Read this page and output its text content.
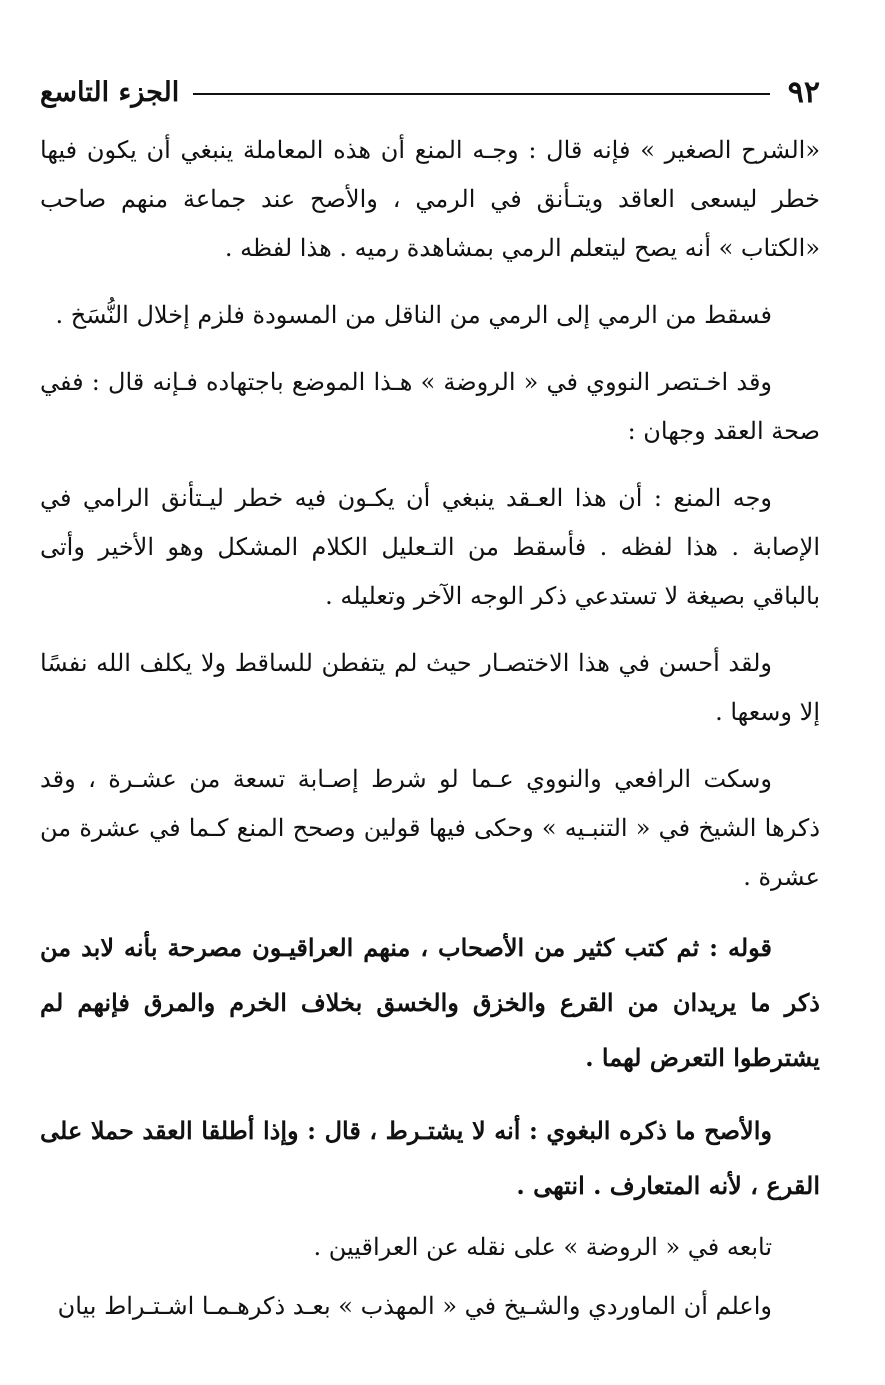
٩٢
الجزء التاسع

«الشرح الصغير » فإنه قال : وجـه المنع أن هذه المعاملة ينبغي أن يكون فيها خطر ليسعى العاقد ويتـأنق في الرمي ، والأصح عند جماعة منهم صاحب «الكتاب » أنه يصح ليتعلم الرمي بمشاهدة رميه . هذا لفظه .

فسقط من الرمي إلى الرمي من الناقل من المسودة فلزم إخلال النُّسَخ .

وقد اخـتصر النووي في « الروضة » هـذا الموضع باجتهاده فـإنه قال : ففي صحة العقد وجهان :

وجه المنع : أن هذا العـقد ينبغي أن يكـون فيه خطر ليـتأنق الرامي في الإصابة . هذا لفظه . فأسقط من التـعليل الكلام المشكل وهو الأخير وأتى بالباقي بصيغة لا تستدعي ذكر الوجه الآخر وتعليله .

ولقد أحسن في هذا الاختصـار حيث لم يتفطن للساقط ولا يكلف الله نفسًا إلا وسعها .

وسكت الرافعي والنووي عـما لو شرط إصـابة تسعة من عشـرة ، وقد ذكرها الشيخ في « التنبـيه » وحكى فيها قولين وصحح المنع كـما في عشرة من عشرة .

قوله : ثم كتب كثير من الأصحاب ، منهم العراقيـون مصرحة بأنه لابد من ذكر ما يريدان من القرع والخزق والخسق بخلاف الخرم والمرق فإنهم لم يشترطوا التعرض لهما .

والأصح ما ذكره البغوي : أنه لا يشتـرط ، قال : وإذا أطلقا العقد حملا على القرع ، لأنه المتعارف . انتهى .

تابعه في « الروضة » على نقله عن العراقيين .

واعلم أن الماوردي والشـيخ في « المهذب » بعـد ذكرهـمـا اشـتـراط بيان
